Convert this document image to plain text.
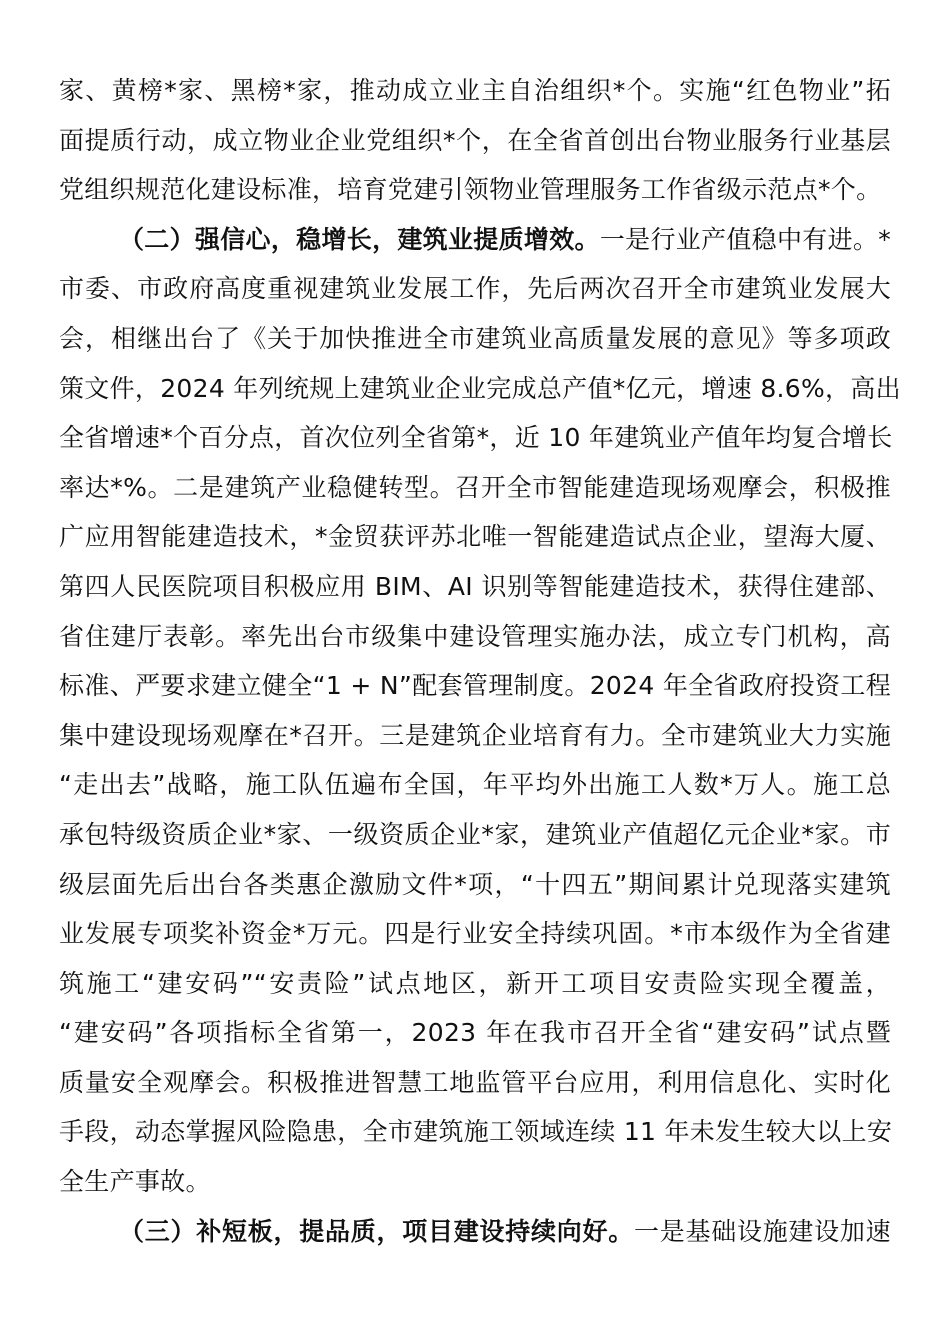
家、黄榜*家、黑榜*家，推动成立业主自治组织*个。实施“红色物业”拓
面提质行动，成立物业企业党组织*个，在全省首创出台物业服务行业基层
党组织规范化建设标准，培育党建引领物业管理服务工作省级示范点*个。
（二）强信心，稳增长，建筑业提质增效。一是行业产值稳中有进。*
市委、市政府高度重视建筑业发展工作，先后两次召开全市建筑业发展大
会，相继出台了《关于加快推进全市建筑业高质量发展的意见》等多项政
策文件，2024 年列统规上建筑业企业完成总产值*亿元，增速 8.6%，高出
全省增速*个百分点，首次位列全省第*，近 10 年建筑业产值年均复合增长
率达*%。二是建筑产业稳健转型。召开全市智能建造现场观摩会，积极推
广应用智能建造技术，*金贸获评苏北唯一智能建造试点企业，望海大厦、
第四人民医院项目积极应用 BIM、AI 识别等智能建造技术，获得住建部、
省住建厅表彰。率先出台市级集中建设管理实施办法，成立专门机构，高
标准、严要求建立健全“1 + N”配套管理制度。2024 年全省政府投资工程
集中建设现场观摩在*召开。三是建筑企业培育有力。全市建筑业大力实施
“走出去”战略，施工队伍遍布全国，年平均外出施工人数*万人。施工总
承包特级资质企业*家、一级资质企业*家，建筑业产值超亿元企业*家。市
级层面先后出台各类惠企激励文件*项，“十四五”期间累计兑现落实建筑
业发展专项奖补资金*万元。四是行业安全持续巩固。*市本级作为全省建
筑施工“建安码”“安责险”试点地区，新开工项目安责险实现全覆盖，
“建安码”各项指标全省第一，2023 年在我市召开全省“建安码”试点暨
质量安全观摩会。积极推进智慧工地监管平台应用，利用信息化、实时化
手段，动态掌握风险隐患，全市建筑施工领域连续 11 年未发生较大以上安
全生产事故。
（三）补短板，提品质，项目建设持续向好。一是基础设施建设加速
